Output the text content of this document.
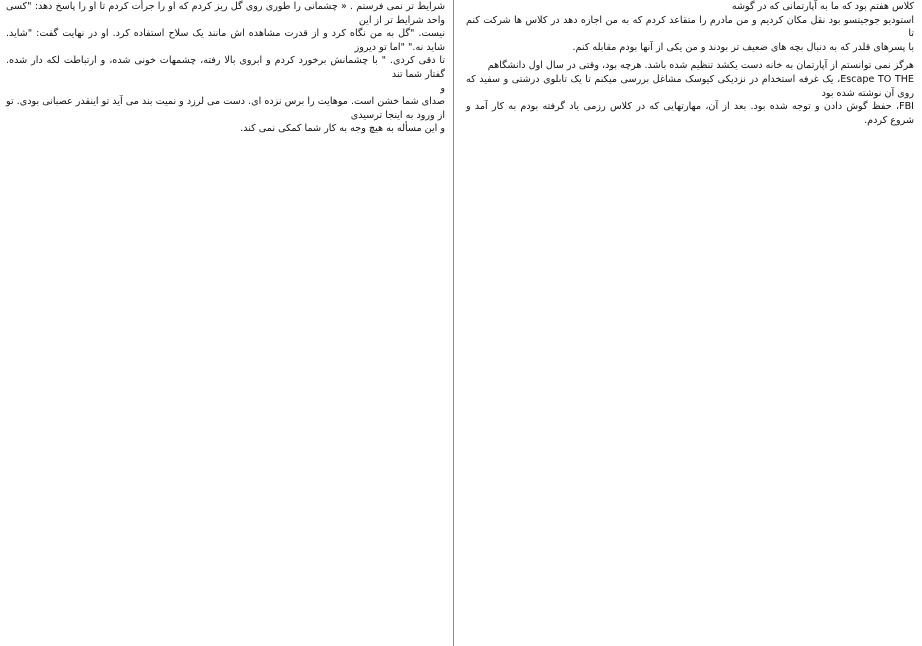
کلاس هفتم بود که ما به آپارتمانی که در گوشه

استودیو جوجیتسو بود نقل مکان کردیم و من مادرم را متقاعد کردم که به من اجازه دهد در کلاس ها شرکت کنم تا

با پسرهای قلدر که به دنبال بچه های ضعیف تر بودند و من یکی از آنها بودم مقابله کنم.

هرگز نمی توانستم از آپارتمان به خانه دست یکشد تنظیم شده باشد. هرچه بود، وقتی در سال اول دانشگاهم

Escape TO THE، یک غرفه استخدام در نزدیکی کیوسک مشاغل بررسی میکنم تا یک تابلوی درشتی و سفید که روی آن نوشته شده بود

FBI، حفظ گوش دادن و توجه شده بود. بعد از آن، مهارتهایی که در کلاس رزمی یاد گرفته بودم به کار آمد و شروع کردم.

شرایط تر نمی فرستم . « چشمانی را طوری روی گل ریز کردم که او را جرأت کردم تا او را پاسخ دهد: "کسی واحد شرایط تر از این

نیست. "گل به من نگاه کرد و از قدرت مشاهده اش مانند یک سلاح استفاده کرد. او در نهایت گفت: "شاید. شاید نه." "اما تو دیروز

تا دقی کردی. " با چشمانش برخورد کردم و ابروی بالا رفته، چشمهات خونی شده، و ارتباطت لکه دار شده. گفتار شما تند

و

صدای شما خشن است. موهایت را برس نزده ای. دست می لرزد و نمیت بند می آید تو اینقدر عصبانی بودی. تو از ورود به اینجا ترسیدی

و این مسأله به هیچ وجه به کار شما کمکی نمی کند.
